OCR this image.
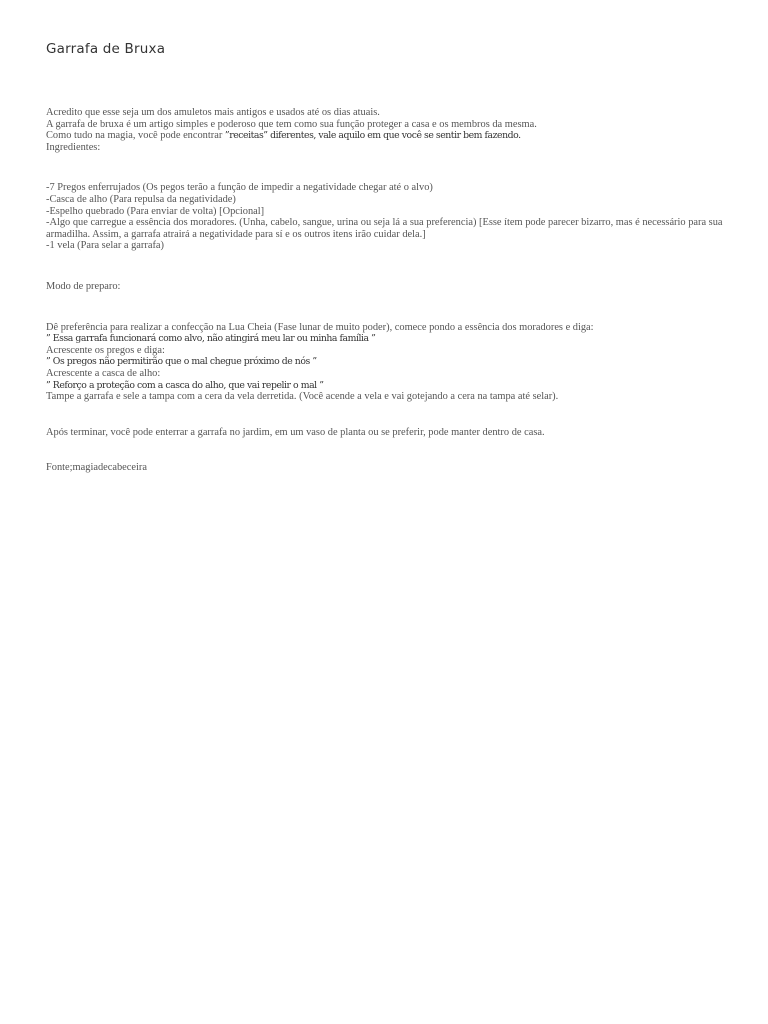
Garrafa de Bruxa

Acredito que esse seja um dos amuletos mais antigos e usados até os dias atuais.
A garrafa de bruxa é um artigo simples e poderoso que tem como sua função proteger a casa e os membros da mesma.
Como tudo na magia, você pode encontrar ”receitas” diferentes, vale aquilo em que você se sentir bem fazendo.
Ingredientes:

-7 Pregos enferrujados (Os pegos terão a função de impedir a negatividade chegar até o alvo)
-Casca de alho (Para repulsa da negatividade)
-Espelho quebrado (Para enviar de volta) [Opcional]
-Algo que carregue a essência dos moradores. (Unha, cabelo, sangue, urina ou seja lá a sua preferencia) [Esse ítem pode parecer bizarro, mas é necessário para sua armadilha. Assim, a garrafa atrairá a negatividade para sí e os outros itens irão cuidar dela.]
-1 vela (Para selar a garrafa)

Modo de preparo:

Dê preferência para realizar a confecção na Lua Cheia (Fase lunar de muito poder), comece pondo a essência dos moradores e diga:
” Essa garrafa funcionará como alvo, não atingirá meu lar ou minha família ”
Acrescente os pregos e diga:
” Os pregos não permitirão que o mal chegue próximo de nós ”
Acrescente a casca de alho:
” Reforço a proteção com a casca do alho, que vai repelir o mal ”
Tampe a garrafa e sele a tampa com a cera da vela derretida. (Você acende a vela e vai gotejando a cera na tampa até selar).

Após terminar, você pode enterrar a garrafa no jardim, em um vaso de planta ou se preferir, pode manter dentro de casa.

Fonte;magiadecabeceira
